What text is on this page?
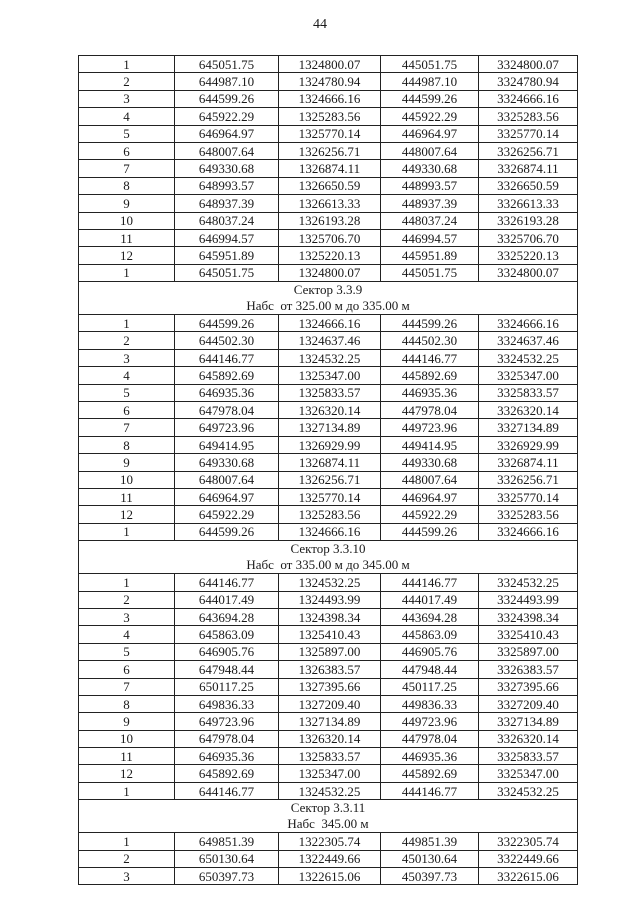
44
1	645051.75	1324800.07	445051.75	3324800.07
2	644987.10	1324780.94	444987.10	3324780.94
3	644599.26	1324666.16	444599.26	3324666.16
4	645922.29	1325283.56	445922.29	3325283.56
5	646964.97	1325770.14	446964.97	3325770.14
6	648007.64	1326256.71	448007.64	3326256.71
7	649330.68	1326874.11	449330.68	3326874.11
8	648993.57	1326650.59	448993.57	3326650.59
9	648937.39	1326613.33	448937.39	3326613.33
10	648037.24	1326193.28	448037.24	3326193.28
11	646994.57	1325706.70	446994.57	3325706.70
12	645951.89	1325220.13	445951.89	3325220.13
1	645051.75	1324800.07	445051.75	3324800.07

Сектор 3.3.9
Набс  от 325.00 м до 335.00 м				

1	644599.26	1324666.16	444599.26	3324666.16
2	644502.30	1324637.46	444502.30	3324637.46
3	644146.77	1324532.25	444146.77	3324532.25
4	645892.69	1325347.00	445892.69	3325347.00
5	646935.36	1325833.57	446935.36	3325833.57
6	647978.04	1326320.14	447978.04	3326320.14
7	649723.96	1327134.89	449723.96	3327134.89
8	649414.95	1326929.99	449414.95	3326929.99
9	649330.68	1326874.11	449330.68	3326874.11
10	648007.64	1326256.71	448007.64	3326256.71
11	646964.97	1325770.14	446964.97	3325770.14
12	645922.29	1325283.56	445922.29	3325283.56
1	644599.26	1324666.16	444599.26	3324666.16

Сектор 3.3.10
Набс  от 335.00 м до 345.00 м				

1	644146.77	1324532.25	444146.77	3324532.25
2	644017.49	1324493.99	444017.49	3324493.99
3	643694.28	1324398.34	443694.28	3324398.34
4	645863.09	1325410.43	445863.09	3325410.43
5	646905.76	1325897.00	446905.76	3325897.00
6	647948.44	1326383.57	447948.44	3326383.57
7	650117.25	1327395.66	450117.25	3327395.66
8	649836.33	1327209.40	449836.33	3327209.40
9	649723.96	1327134.89	449723.96	3327134.89
10	647978.04	1326320.14	447978.04	3326320.14
11	646935.36	1325833.57	446935.36	3325833.57
12	645892.69	1325347.00	445892.69	3325347.00
1	644146.77	1324532.25	444146.77	3324532.25

Сектор 3.3.11
Набс  345.00 м				

1	649851.39	1322305.74	449851.39	3322305.74
2	650130.64	1322449.66	450130.64	3322449.66
3	650397.73	1322615.06	450397.73	3322615.06
